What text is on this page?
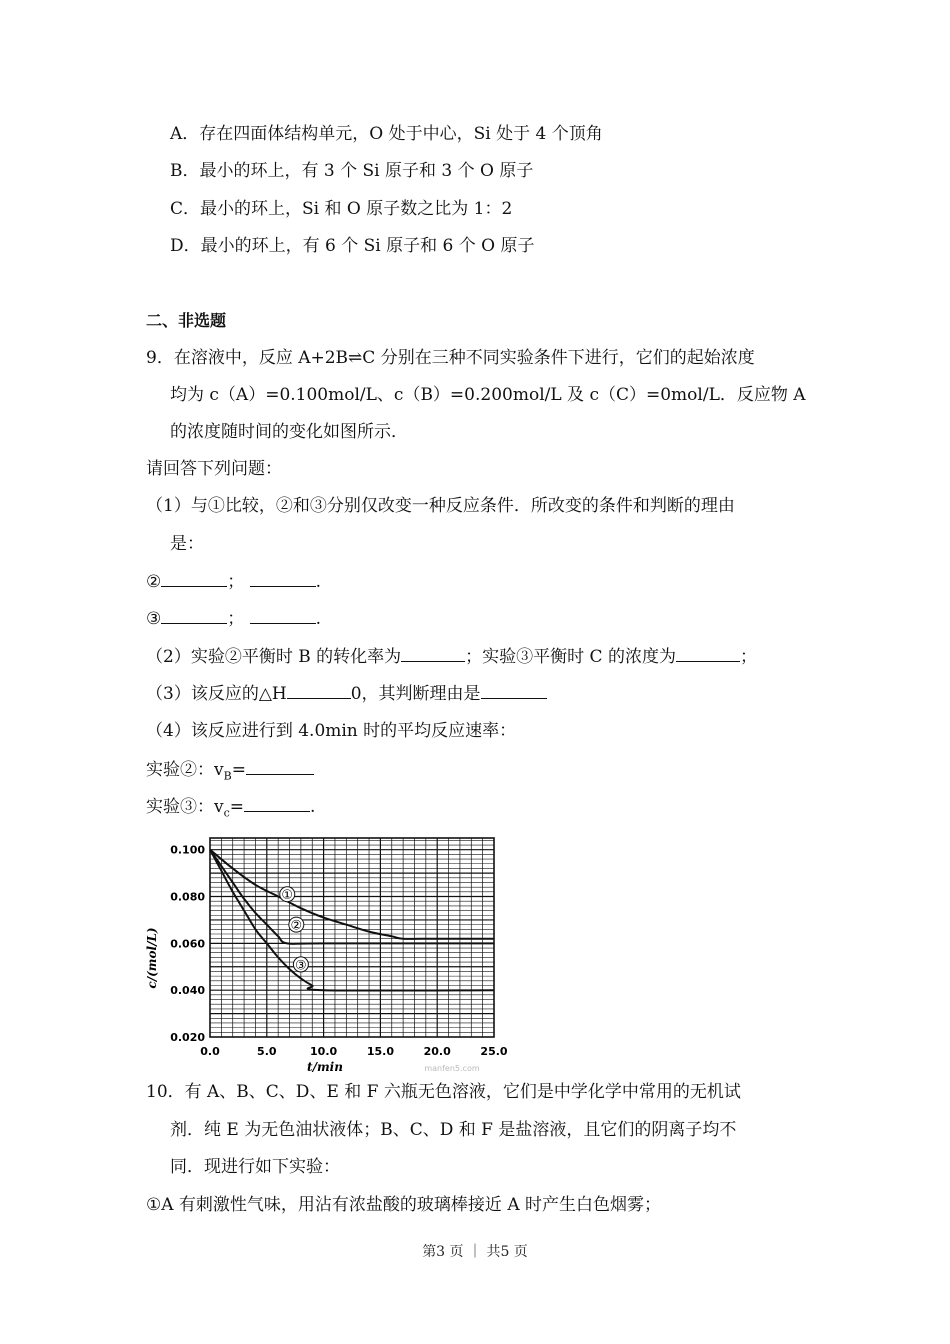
A．存在四面体结构单元，O 处于中心，Si 处于 4 个顶角
B．最小的环上，有 3 个 Si 原子和 3 个 O 原子
C．最小的环上，Si 和 O 原子数之比为 1：2
D．最小的环上，有 6 个 Si 原子和 6 个 O 原子
二、非选题
9．在溶液中，反应 A+2B⇌C 分别在三种不同实验条件下进行，它们的起始浓度
均为 c（A）=0.100mol/L、c（B）=0.200mol/L 及 c（C）=0mol/L．反应物 A
的浓度随时间的变化如图所示．
请回答下列问题：
（1）与①比较，②和③分别仅改变一种反应条件．所改变的条件和判断的理由
是：
②	；	.
③	；	.
（2）实验②平衡时 B 的转化率为	；实验③平衡时 C 的浓度为	；
（3）该反应的△H	0，其判断理由是
（4）该反应进行到 4.0min 时的平均反应速率：
实验②：$v_B=$
实验③：$v_c=$	.
①
②
③
0.020
0.040
0.060
0.080
0.100
0.0	5.0	10.0	15.0	20.0	25.0
c/(mol/L)
t/min	manfen5.com
10．有 A、B、C、D、E 和 F 六瓶无色溶液，它们是中学化学中常用的无机试
剂．纯 E 为无色油状液体；B、C、D 和 F 是盐溶液，且它们的阴离子均不
同．现进行如下实验：
①A 有刺激性气味，用沾有浓盐酸的玻璃棒接近 A 时产生白色烟雾；
第3 页 ｜ 共5 页
